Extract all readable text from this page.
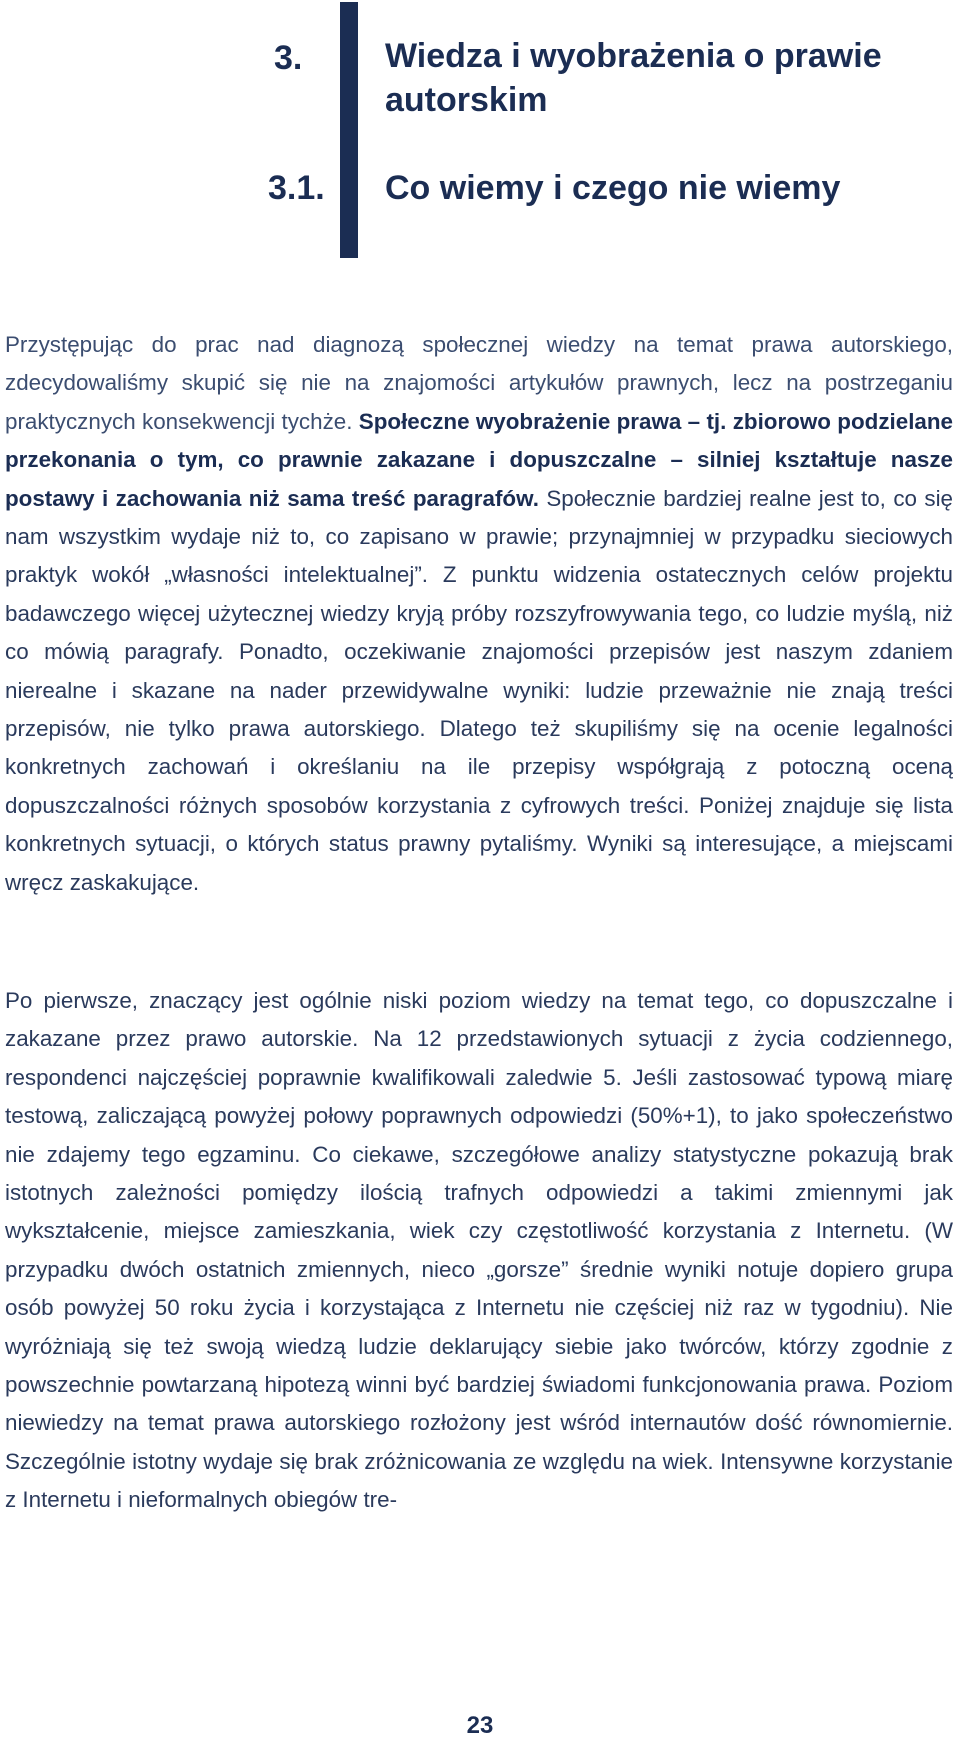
3. Wiedza i wyobrażenia o prawie autorskim
3.1. Co wiemy i czego nie wiemy

Przystępując do prac nad diagnozą społecznej wiedzy na temat prawa autorskiego, zdecydowaliśmy skupić się nie na znajomości artykułów prawnych, lecz na postrzeganiu praktycznych konsekwencji tychże. Społeczne wyobrażenie prawa – tj. zbiorowo podzielane przekonania o tym, co prawnie zakazane i dopuszczalne – silniej kształtuje nasze postawy i zachowania niż sama treść paragrafów. Społecznie bardziej realne jest to, co się nam wszystkim wydaje niż to, co zapisano w prawie; przynajmniej w przypadku sieciowych praktyk wokół „własności intelektualnej”. Z punktu widzenia ostatecznych celów projektu badawczego więcej użytecznej wiedzy kryją próby rozszyfrowywania tego, co ludzie myślą, niż co mówią paragrafy. Ponadto, oczekiwanie znajomości przepisów jest naszym zdaniem nierealne i skazane na nader przewidywalne wyniki: ludzie przeważnie nie znają treści przepisów, nie tylko prawa autorskiego. Dlatego też skupiliśmy się na ocenie legalności konkretnych zachowań i określaniu na ile przepisy współgrają z potoczną oceną dopuszczalności różnych sposobów korzystania z cyfrowych treści. Poniżej znajduje się lista konkretnych sytuacji, o których status prawny pytaliśmy. Wyniki są interesujące, a miejscami wręcz zaskakujące.

Po pierwsze, znaczący jest ogólnie niski poziom wiedzy na temat tego, co dopuszczalne i zakazane przez prawo autorskie. Na 12 przedstawionych sytuacji z życia codziennego, respondenci najczęściej poprawnie kwalifikowali zaledwie 5. Jeśli zastosować typową miarę testową, zaliczającą powyżej połowy poprawnych odpowiedzi (50%+1), to jako społeczeństwo nie zdajemy tego egzaminu. Co ciekawe, szczegółowe analizy statystyczne pokazują brak istotnych zależności pomiędzy ilością trafnych odpowiedzi a takimi zmiennymi jak wykształcenie, miejsce zamieszkania, wiek czy częstotliwość korzystania z Internetu. (W przypadku dwóch ostatnich zmiennych, nieco „gorsze” średnie wyniki notuje dopiero grupa osób powyżej 50 roku życia i korzystająca z Internetu nie częściej niż raz w tygodniu). Nie wyróżniają się też swoją wiedzą ludzie deklarujący siebie jako twórców, którzy zgodnie z powszechnie powtarzaną hipotezą winni być bardziej świadomi funkcjonowania prawa. Poziom niewiedzy na temat prawa autorskiego rozłożony jest wśród internautów dość równomiernie. Szczególnie istotny wydaje się brak zróżnicowania ze względu na wiek. Intensywne korzystanie z Internetu i nieformalnych obiegów tre-

23
